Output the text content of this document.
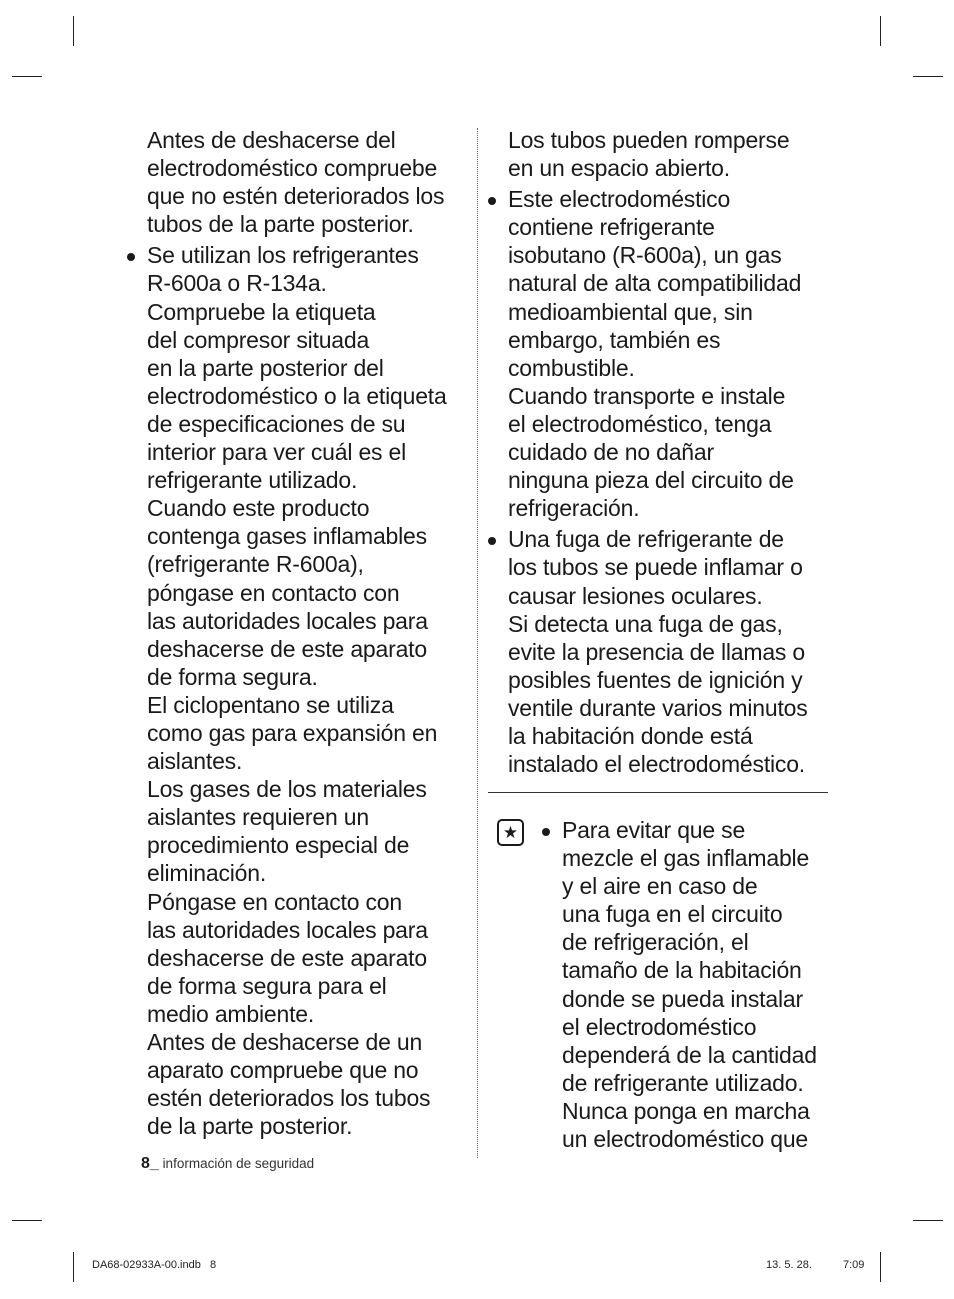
Antes de deshacerse del
electrodoméstico compruebe
que no estén deteriorados los
tubos de la parte posterior.

Se utilizan los refrigerantes
R-600a o R-134a.
Compruebe la etiqueta
del compresor situada
en la parte posterior del
electrodoméstico o la etiqueta
de especificaciones de su
interior para ver cuál es el
refrigerante utilizado.
Cuando este producto
contenga gases inflamables
(refrigerante R-600a),
póngase en contacto con
las autoridades locales para
deshacerse de este aparato
de forma segura.
El ciclopentano se utiliza
como gas para expansión en
aislantes.
Los gases de los materiales
aislantes requieren un
procedimiento especial de
eliminación.
Póngase en contacto con
las autoridades locales para
deshacerse de este aparato
de forma segura para el
medio ambiente.
Antes de deshacerse de un
aparato compruebe que no
estén deteriorados los tubos
de la parte posterior.

Los tubos pueden romperse
en un espacio abierto.

Este electrodoméstico
contiene refrigerante
isobutano (R-600a), un gas
natural de alta compatibilidad
medioambiental que, sin
embargo, también es
combustible.
Cuando transporte e instale
el electrodoméstico, tenga
cuidado de no dañar
ninguna pieza del circuito de
refrigeración.

Una fuga de refrigerante de
los tubos se puede inflamar o
causar lesiones oculares.
Si detecta una fuga de gas,
evite la presencia de llamas o
posibles fuentes de ignición y
ventile durante varios minutos
la habitación donde está
instalado el electrodoméstico.

★ Para evitar que se
mezcle el gas inflamable
y el aire en caso de
una fuga en el circuito
de refrigeración, el
tamaño de la habitación
donde se pueda instalar
el electrodoméstico
dependerá de la cantidad
de refrigerante utilizado.
Nunca ponga en marcha
un electrodoméstico que

8_ información de seguridad
DA68-02933A-00.indb   8	13. 5. 28.	7:09
